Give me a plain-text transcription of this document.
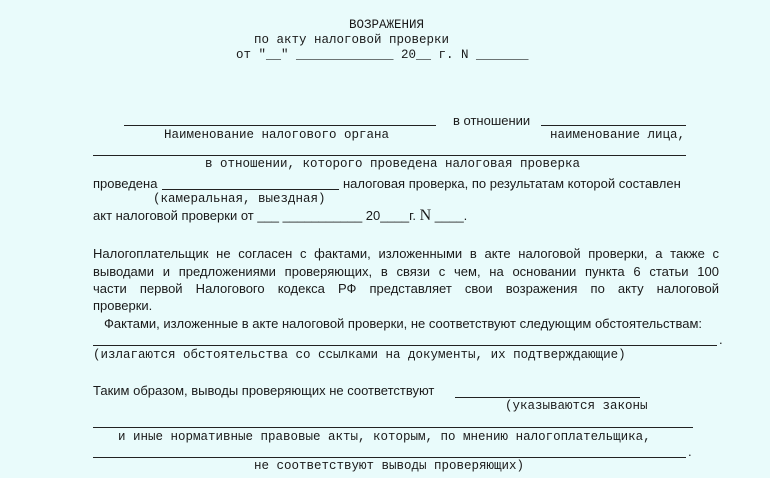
ВОЗРАЖЕНИЯ
по акту налоговой проверки
от "__" _____________ 20__ г. N _______
в отношении
Наименование налогового органа	наименование лица,
в отношении, которого проведена налоговая проверка
проведена	налоговая проверка, по результатам которой составлен
(камеральная, выездная)
акт налоговой проверки от ___ ___________ 20____г. N ____.
Налогоплательщик не согласен с фактами, изложенными в акте налоговой проверки, а также с
выводами и предложениями проверяющих, в связи с чем, на основании пункта 6 статьи 100
части первой Налогового кодекса РФ представляет свои возражения по акту налоговой
проверки.
Фактами, изложенные в акте налоговой проверки, не соответствуют следующим обстоятельствам:
.
(излагаются обстоятельства со ссылками на документы, их подтверждающие)
Таким образом, выводы проверяющих не соответствуют
(указываются законы
и иные нормативные правовые акты, которым, по мнению налогоплательщика,
.
не соответствуют выводы проверяющих)
